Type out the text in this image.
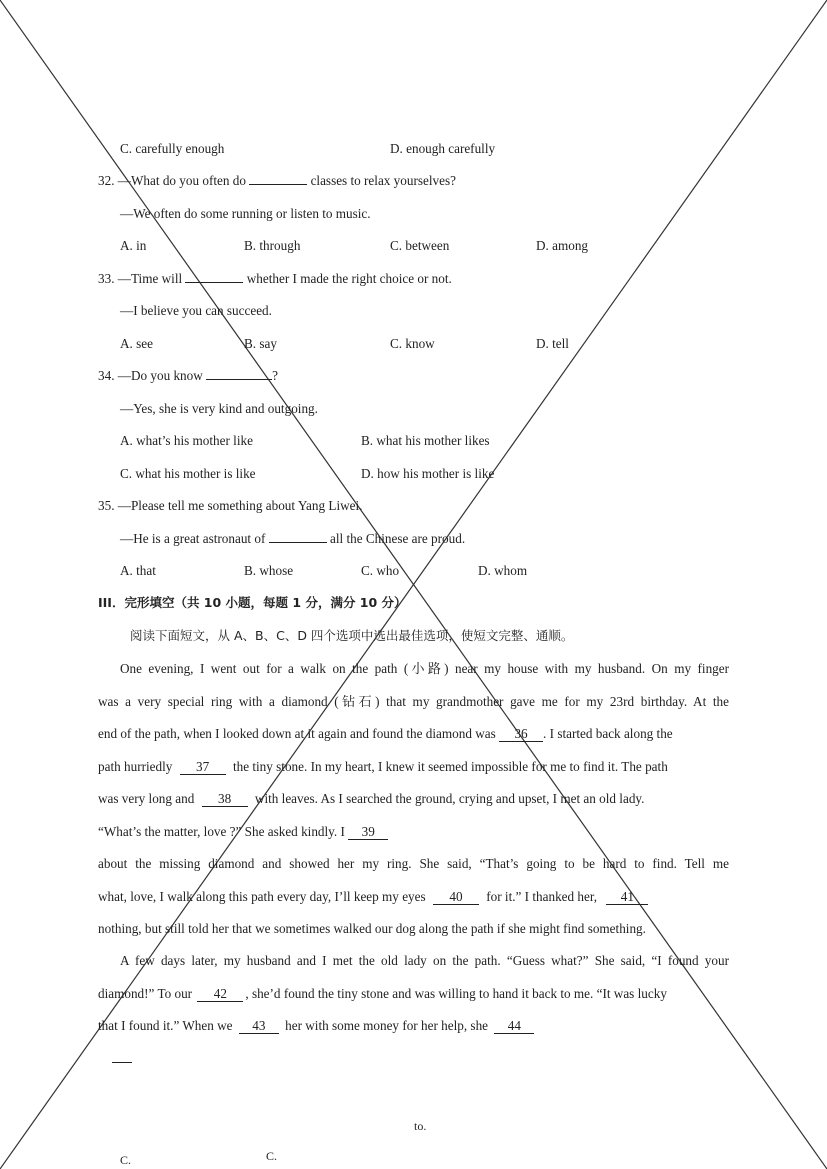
C. carefully enough	D. enough carefully
32. —What do you often do	classes to relax yourselves?
—We often do some running or listen to music.
A. in	B. through	C. between	D. among
33. —Time will	whether I made the right choice or not.
—I believe you can succeed.
A. see	B. say	C. know	D. tell
34. —Do you know	?
—Yes, she is very kind and outgoing.
A. what’s his mother like	B. what his mother likes
C. what his mother is like	D. how his mother is like
35. —Please tell me something about Yang Liwei.
—He is a great astronaut of	all the Chinese are proud.
A. that	B. whose	C. who	D. whom
III．完形填空（共 10 小题，每题 1 分，满分 10 分）
阅读下面短文，从 A、B、C、D 四个选项中选出最佳选项，使短文完整、通顺。
One evening, I went out for a walk on the path (小路) near my house with my husband. On my finger
was a very special ring with a diamond (钻石) that my grandmother gave me for my 23rd birthday. At the
end of the path, when I looked down at it again and found the diamond was 36 . I started back along the
path hurriedly 37 the tiny stone. In my heart, I knew it seemed impossible for me to find it. The path
was very long and 38 with leaves. As I searched the ground, crying and upset, I met an old lady.
“What’s the matter, love ?” She asked kindly. I 39
about the missing diamond and showed her my ring. She said, “That’s going to be hard to find. Tell me
what, love, I walk along this path every day, I’ll keep my eyes 40 for it.” I thanked her, 41
nothing, but still told her that we sometimes walked our dog along the path if she might find something.
A few days later, my husband and I met the old lady on the path. “Guess what?” She said, “I found your
diamond!” To our 42 , she’d found the tiny stone and was willing to hand it back to me. “It was lucky
that I found it.” When we 43 her with some money for her help, she 44
to.
C.	C.
